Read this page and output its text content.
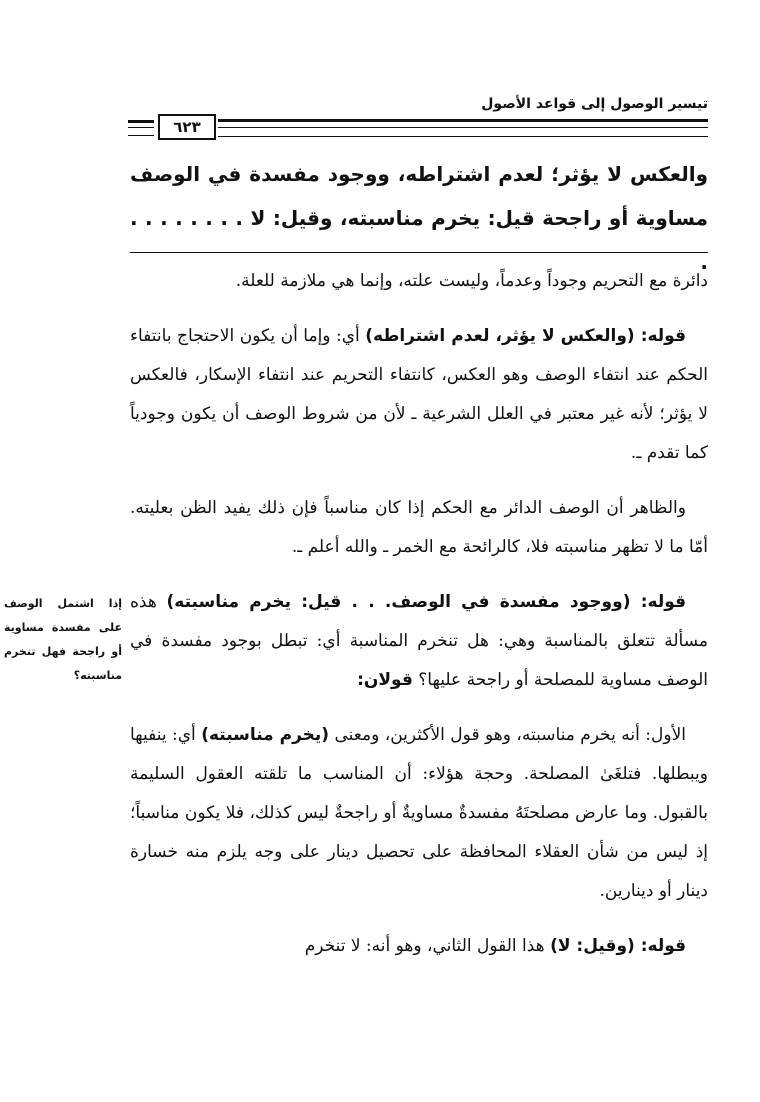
تيسير الوصول إلى قواعد الأصول
٦٢٣
والعكس لا يؤثر؛ لعدم اشتراطه، ووجود مفسدة في الوصف مساوية أو راجحة قيل: يخرم مناسبته، وقيل: لا . . . . . . . . .
إذا اشتمل الوصف على مفسدة مساوية أو راجحة فهل تنخرم مناسبته؟

دائرة مع التحريم وجوداً وعدماً، وليست علته، وإنما هي ملازمة للعلة.

قوله: (والعكس لا يؤثر، لعدم اشتراطه) أي: وإما أن يكون الاحتجاج بانتفاء الحكم عند انتفاء الوصف وهو العكس، كانتفاء التحريم عند انتفاء الإسكار، فالعكس لا يؤثر؛ لأنه غير معتبر في العلل الشرعية ـ لأن من شروط الوصف أن يكون وجودياً كما تقدم ـ.

والظاهر أن الوصف الدائر مع الحكم إذا كان مناسباً فإن ذلك يفيد الظن بعليته. أمّا ما لا تظهر مناسبته فلا، كالرائحة مع الخمر ـ والله أعلم ـ.

قوله: (ووجود مفسدة في الوصف. . . قيل: يخرم مناسبته) هذه مسألة تتعلق بالمناسبة وهي: هل تنخرم المناسبة أي: تبطل بوجود مفسدة في الوصف مساوية للمصلحة أو راجحة عليها؟ قولان:

الأول: أنه يخرم مناسبته، وهو قول الأكثرين، ومعنى (يخرم مناسبته) أي: ينفيها ويبطلها. فتلغَىٰ المصلحة. وحجة هؤلاء: أن المناسب ما تلقته العقول السليمة بالقبول. وما عارض مصلحتَهُ مفسدةٌ مساويةٌ أو راجحةٌ ليس كذلك، فلا يكون مناسباً؛ إذ ليس من شأن العقلاء المحافظة على تحصيل دينار على وجه يلزم منه خسارة دينار أو دينارين.

قوله: (وقيل: لا) هذا القول الثاني، وهو أنه: لا تنخرم
